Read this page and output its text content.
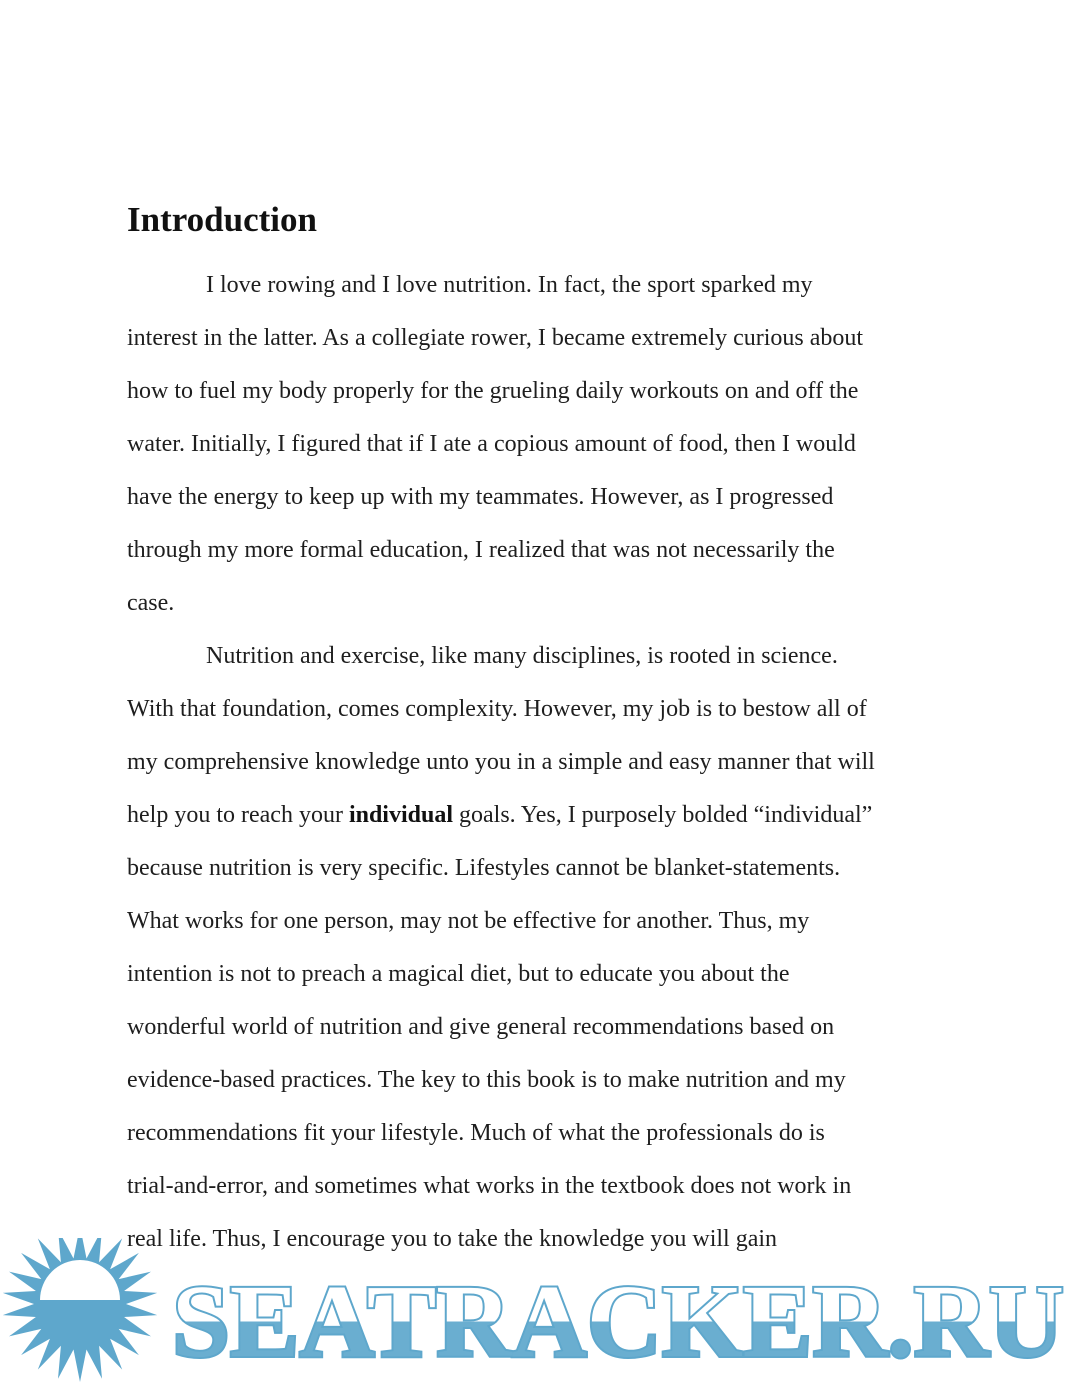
Introduction

I love rowing and I love nutrition. In fact, the sport sparked my

interest in the latter. As a collegiate rower, I became extremely curious about

how to fuel my body properly for the grueling daily workouts on and off the

water. Initially, I figured that if I ate a copious amount of food, then I would

have the energy to keep up with my teammates. However, as I progressed

through my more formal education, I realized that was not necessarily the

case.

Nutrition and exercise, like many disciplines, is rooted in science.

With that foundation, comes complexity. However, my job is to bestow all of

my comprehensive knowledge unto you in a simple and easy manner that will

help you to reach your individual goals. Yes, I purposely bolded “individual”

because nutrition is very specific. Lifestyles cannot be blanket-statements.

What works for one person, may not be effective for another. Thus, my

intention is not to preach a magical diet, but to educate you about the

wonderful world of nutrition and give general recommendations based on

evidence-based practices. The key to this book is to make nutrition and my

recommendations fit your lifestyle. Much of what the professionals do is

trial-and-error, and sometimes what works in the textbook does not work in

real life. Thus, I encourage you to take the knowledge you will gain

SEATRACKER.RU
